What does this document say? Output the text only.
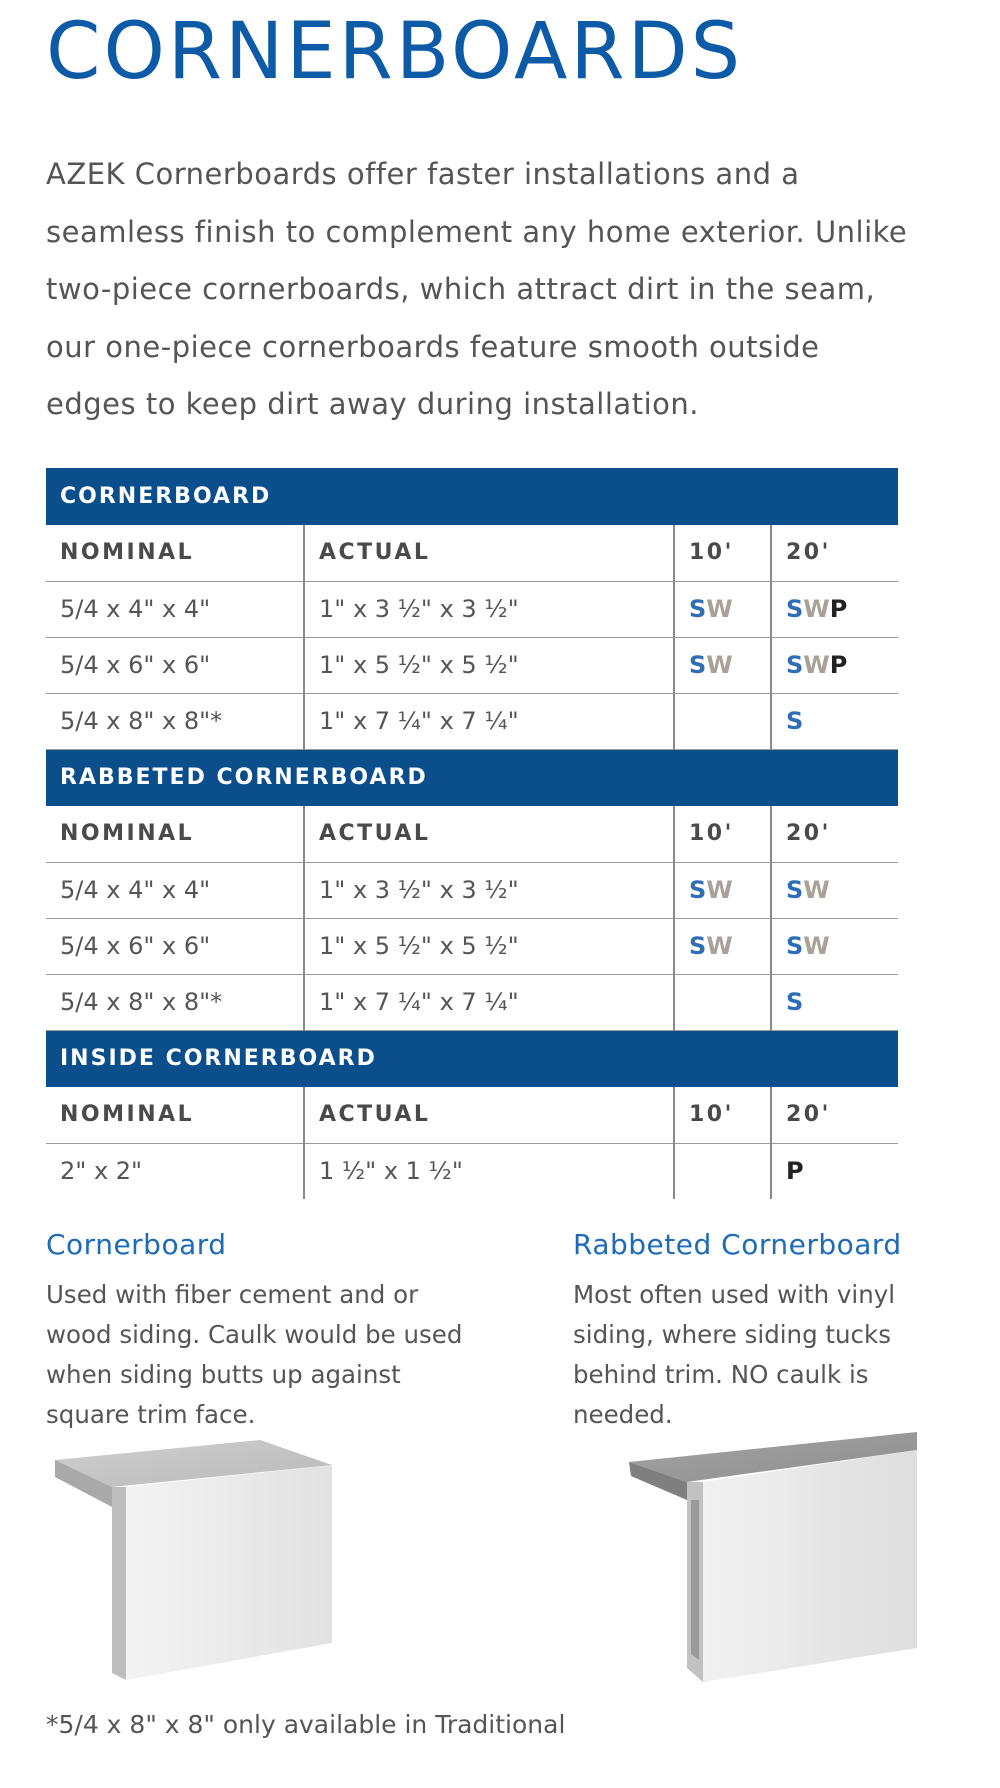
CORNERBOARDS

AZEK Cornerboards offer faster installations and a seamless finish to complement any home exterior. Unlike two-piece cornerboards, which attract dirt in the seam, our one-piece cornerboards feature smooth outside edges to keep dirt away during installation.

CORNERBOARD			
NOMINAL	ACTUAL	10'	20'
5/4 x 4" x 4"	1" x 3 ½" x 3 ½"	SW	SWP
5/4 x 6" x 6"	1" x 5 ½" x 5 ½"	SW	SWP
5/4 x 8" x 8"*	1" x 7 ¼" x 7 ¼"		S
RABBETED CORNERBOARD			
NOMINAL	ACTUAL	10'	20'
5/4 x 4" x 4"	1" x 3 ½" x 3 ½"	SW	SW
5/4 x 6" x 6"	1" x 5 ½" x 5 ½"	SW	SW
5/4 x 8" x 8"*	1" x 7 ¼" x 7 ¼"		S
INSIDE CORNERBOARD			
NOMINAL	ACTUAL	10'	20'
2" x 2"	1 ½" x 1 ½"		P
Cornerboard

Used with fiber cement and or wood siding. Caulk would be used when siding butts up against square trim face.

Rabbeted Cornerboard

Most often used with vinyl siding, where siding tucks behind trim. NO caulk is needed.

*5/4 x 8" x 8" only available in Traditional
